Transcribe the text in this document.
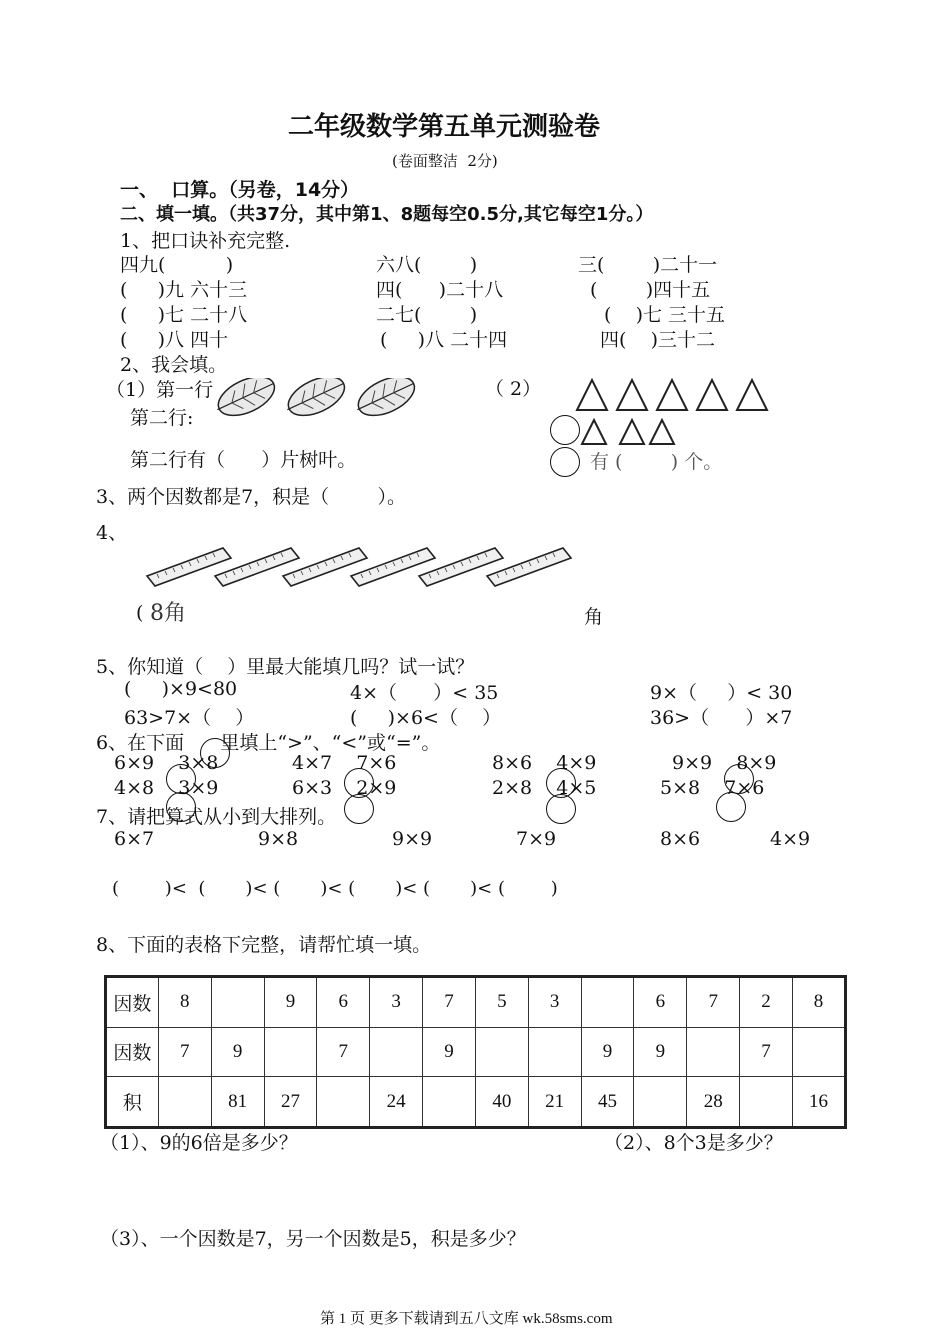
二年级数学第五单元测验卷
(卷面整洁  2分)
一、  口算。（另卷，14分）
二、填一填。（共37分，其中第1、8题每空0.5分,其它每空1分。）
1、把口诀补充完整.
四九(          )	六八(        )	三(        )二十一
(     )九 六十三	四(      )二十八	(        )四十五
(     )七 二十八	二七(        )	(    )七 三十五
(     )八 四十	(     )八 二十四	四(    )三十二
2、我会填。
（1）第一行
第二行:
第二行有（      ）片树叶。
（ 2）
有 (        ) 个。
3、两个因数都是7，积是（        ）。
4、
( 8角	角
5、你知道（    ）里最大能填几吗？试一试？
(     )×9<80	4×（      ）< 35	9×（     ）< 30
63>7×（    ）	(     )×6<（    ）	36>（      ）×7
6、在下面      里填上“>”、“<”或“=”。
6×9    3×8	4×7    7×6	8×6    4×9	9×9    8×9
4×8    3×9	6×3    2×9	2×8    4×5	5×8    7×6
7、请把算式从小到大排列。
6×7	9×8	9×9	7×9	8×6	4×9
(        )<  (       )< (       )< (       )< (       )< (        )
8、下面的表格下完整，请帮忙填一填。
因数	8		9	6	3	7	5	3		6	7	2	8
因数	7	9		7		9			9	9		7	
积		81	27		24		40	21	45		28		16
（1）、9的6倍是多少？	（2）、8个3是多少？
（3）、一个因数是7，另一个因数是5，积是多少？
第 1 页 更多下载请到五八文库 wk.58sms.com
